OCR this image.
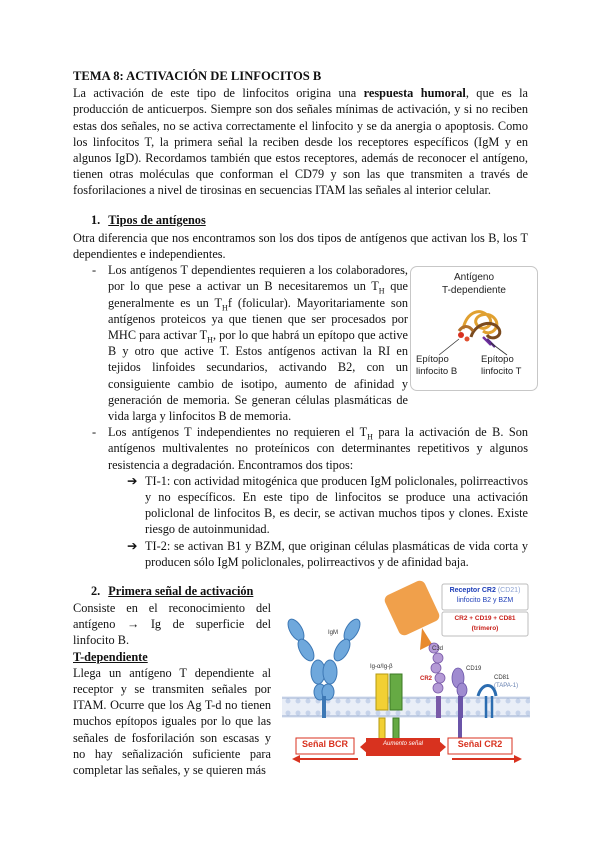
TEMA 8: ACTIVACIÓN DE LINFOCITOS B

La activación de este tipo de linfocitos origina una respuesta humoral, que es la producción de anticuerpos. Siempre son dos señales mínimas de activación, y si no reciben estas dos señales, no se activa correctamente el linfocito y se da anergia o apoptosis. Como los linfocitos T, la primera señal la reciben desde los receptores específicos (IgM y en algunos IgD). Recordamos también que estos receptores, además de reconocer el antígeno, tienen otras moléculas que conforman el CD79 y son las que transmiten a través de fosforilaciones a nivel de tirosinas en secuencias ITAM las señales al interior celular.

1. Tipos de antígenos

Otra diferencia que nos encontramos son los dos tipos de antígenos que activan los B, los T dependientes e independientes.

- Los antígenos T dependientes requieren a los colaboradores, por lo que pese a activar un B necesitaremos un $T_H$ que generalmente es un $T_Hf$ (folicular). Mayoritariamente son antígenos proteicos ya que tienen que ser procesados por MHC para activar $T_H$, por lo que habrá un epítopo que active B y otro que active T. Estos antígenos activan la RI en tejidos linfoides secundarios, activando B2, con un consiguiente cambio de isotipo, aumento de afinidad y generación de memoria. Se generan células plasmáticas de vida larga y linfocitos B de memoria.
- Los antígenos T independientes no requieren el $T_H$ para la activación de B. Son antígenos multivalentes no proteínicos con determinantes repetitivos y algunos resistencia a degradación. Encontramos dos tipos:
➔ TI-1: con actividad mitogénica que producen IgM policlonales, polirreactivos y no específicos. En este tipo de linfocitos se produce una activación policlonal de linfocitos B, es decir, se activan muchos tipos y clones. Existe riesgo de autoinmunidad.
➔ TI-2: se activan B1 y BZM, que originan células plasmáticas de vida corta y producen sólo IgM policlonales, polirreactivos y de afinidad baja.
Antígeno
T-dependiente
Epítopo
linfocito B
Epítopo
linfocito T
2. Primera señal de activación

Consiste en el reconocimiento del antígeno → Ig de superficie del linfocito B.

T-dependiente

Llega un antígeno T dependiente al receptor y se transmiten señales por ITAM. Ocurre que los Ag T-d no tienen muchos epítopos iguales por lo que las señales de fosforilación son escasas y no hay señalización suficiente para completar las señales, y se quieren más

Receptor CR2 (CD21)
linfocito B2 y BZM
CR2 + CD19 + CD81
(trímero)
IgM
Ig-α/Ig-β
C3d
CR2
CD19
CD81
(TAPA-1)
Señal BCR	Aumento señal	Señal CR2
